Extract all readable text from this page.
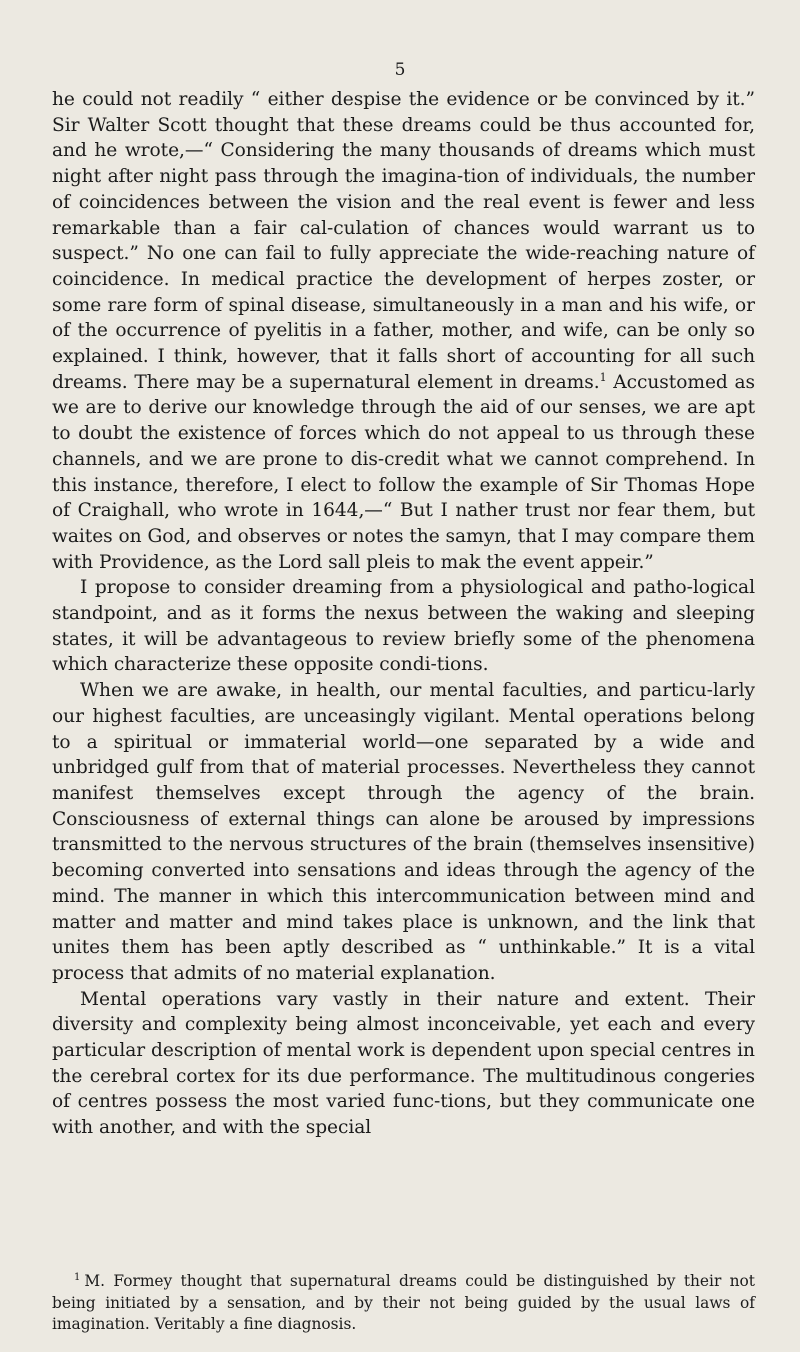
5

he could not readily “ either despise the evidence or be convinced by it.” Sir Walter Scott thought that these dreams could be thus accounted for, and he wrote,—“ Considering the many thousands of dreams which must night after night pass through the imagina-tion of individuals, the number of coincidences between the vision and the real event is fewer and less remarkable than a fair cal-culation of chances would warrant us to suspect.” No one can fail to fully appreciate the wide-reaching nature of coincidence. In medical practice the development of herpes zoster, or some rare form of spinal disease, simultaneously in a man and his wife, or of the occurrence of pyelitis in a father, mother, and wife, can be only so explained. I think, however, that it falls short of accounting for all such dreams. There may be a supernatural element in dreams.$^1$ Accustomed as we are to derive our knowledge through the aid of our senses, we are apt to doubt the existence of forces which do not appeal to us through these channels, and we are prone to dis-credit what we cannot comprehend. In this instance, therefore, I elect to follow the example of Sir Thomas Hope of Craighall, who wrote in 1644,—“ But I nather trust nor fear them, but waites on God, and observes or notes the samyn, that I may compare them with Providence, as the Lord sall pleis to mak the event appeir.”

I propose to consider dreaming from a physiological and patho-logical standpoint, and as it forms the nexus between the waking and sleeping states, it will be advantageous to review briefly some of the phenomena which characterize these opposite condi-tions.

When we are awake, in health, our mental faculties, and particu-larly our highest faculties, are unceasingly vigilant. Mental operations belong to a spiritual or immaterial world—one separated by a wide and unbridged gulf from that of material processes. Nevertheless they cannot manifest themselves except through the agency of the brain. Consciousness of external things can alone be aroused by impressions transmitted to the nervous structures of the brain (themselves insensitive) becoming converted into sensations and ideas through the agency of the mind. The manner in which this intercommunication between mind and matter and matter and mind takes place is unknown, and the link that unites them has been aptly described as “ unthinkable.” It is a vital process that admits of no material explanation.

Mental operations vary vastly in their nature and extent. Their diversity and complexity being almost inconceivable, yet each and every particular description of mental work is dependent upon special centres in the cerebral cortex for its due performance. The multitudinous congeries of centres possess the most varied func-tions, but they communicate one with another, and with the special

$^1$ M. Formey thought that supernatural dreams could be distinguished by their not being initiated by a sensation, and by their not being guided by the usual laws of imagination. Veritably a fine diagnosis.
